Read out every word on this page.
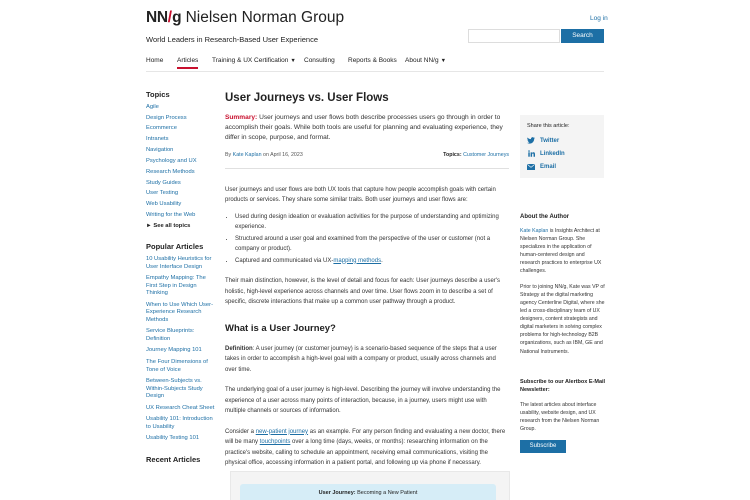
NN/g Nielsen Norman Group
World Leaders in Research-Based User Experience
Log in
Search
Home Articles Training & UX Certification ▼ Consulting Reports & Books About NN/g ▼
Topics
Agile
Design Process
Ecommerce
Intranets
Navigation
Psychology and UX
Research Methods
Study Guides
User Testing
Web Usability
Writing for the Web
► See all topics
Popular Articles
10 Usability Heuristics for User Interface Design
Empathy Mapping: The First Step in Design Thinking
When to Use Which User-Experience Research Methods
Service Blueprints: Definition
Journey Mapping 101
The Four Dimensions of Tone of Voice
Between-Subjects vs. Within-Subjects Study Design
UX Research Cheat Sheet
Usability 101: Introduction to Usability
Usability Testing 101
Recent Articles
User Journeys vs. User Flows

Summary: User journeys and user flows both describe processes users go through in order to accomplish their goals. While both tools are useful for planning and evaluating experience, they differ in scope, purpose, and format.

By Kate Kaplan on April 16, 2023	Topics: Customer Journeys

User journeys and user flows are both UX tools that capture how people accomplish goals with certain products or services. They share some similar traits. Both user journeys and user flows are:

• Used during design ideation or evaluation activities for the purpose of understanding and optimizing experience.
• Structured around a user goal and examined from the perspective of the user or customer (not a company or product).
• Captured and communicated via UX-mapping methods.

Their main distinction, however, is the level of detail and focus for each: User journeys describe a user's holistic, high-level experience across channels and over time. User flows zoom in to describe a set of specific, discrete interactions that make up a common user pathway through a product.

What is a User Journey?

Definition: A user journey (or customer journey) is a scenario-based sequence of the steps that a user takes in order to accomplish a high-level goal with a company or product, usually across channels and over time.

The underlying goal of a user journey is high-level. Describing the journey will involve understanding the experience of a user across many points of interaction, because, in a journey, users might use with multiple channels or sources of information.

Consider a new-patient journey as an example. For any person finding and evaluating a new doctor, there will be many touchpoints over a long time (days, weeks, or months): researching information on the practice's website, calling to schedule an appointment, receiving email communications, visiting the physical office, accessing information in a patient portal, and following up via phone if necessary.

User Journey: Becoming a New Patient
Share this article:
Twitter
LinkedIn
Email
About the Author

Kate Kaplan is Insights Architect at Nielsen Norman Group. She specializes in the application of human-centered design and research practices to enterprise UX challenges.

Prior to joining NN/g, Kate was VP of Strategy at the digital marketing agency Centerline Digital, where she led a cross-disciplinary team of UX designers, content strategists and digital marketers in solving complex problems for high-technology B2B organizations, such as IBM, GE and National Instruments.

Subscribe to our Alertbox E-Mail Newsletter:

The latest articles about interface usability, website design, and UX research from the Nielsen Norman Group.

Subscribe
